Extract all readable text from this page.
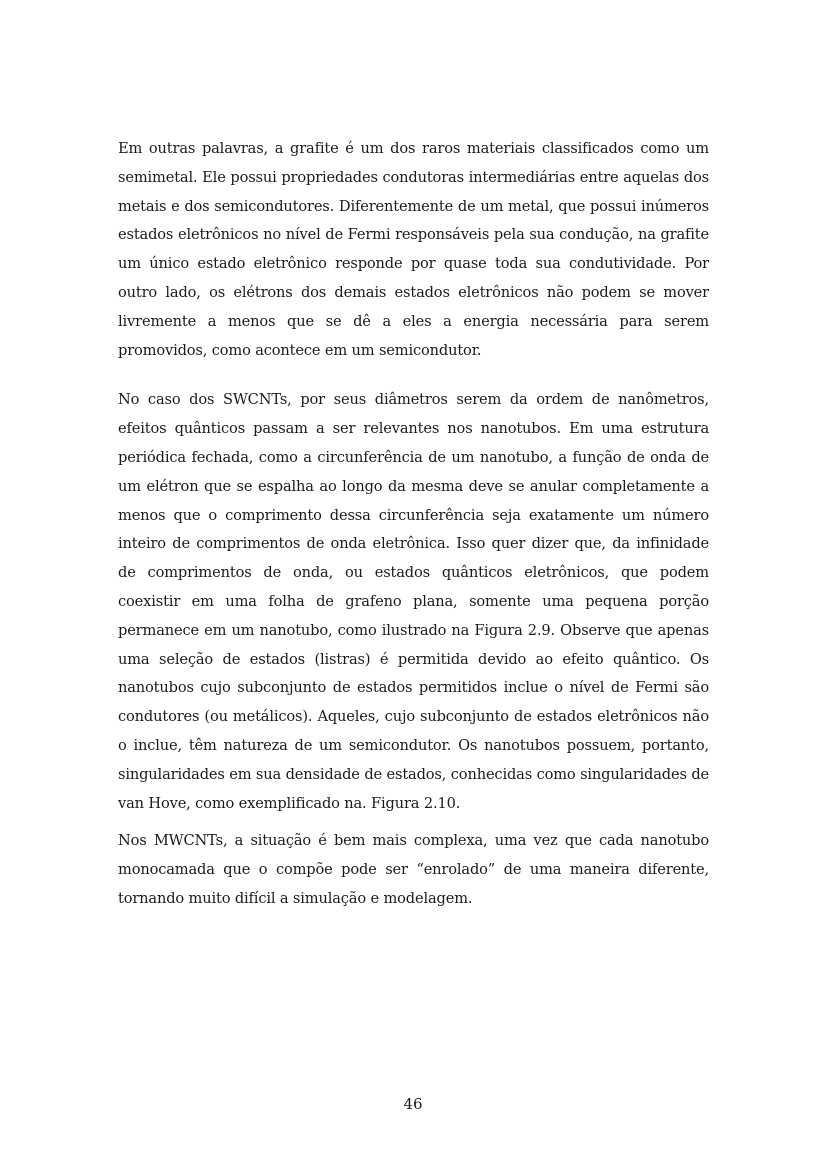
Em outras palavras, a grafite é um dos raros materiais classificados como um semimetal. Ele possui propriedades condutoras intermediárias entre aquelas dos metais e dos semicondutores. Diferentemente de um metal, que possui inúmeros estados eletrônicos no nível de Fermi responsáveis pela sua condução, na grafite um único estado eletrônico responde por quase toda sua condutividade. Por outro lado, os elétrons dos demais estados eletrônicos não podem se mover livremente a menos que se dê a eles a energia necessária para serem promovidos, como acontece em um semicondutor.

No caso dos SWCNTs, por seus diâmetros serem da ordem de nanômetros, efeitos quânticos passam a ser relevantes nos nanotubos. Em uma estrutura periódica fechada, como a circunferência de um nanotubo, a função de onda de um elétron que se espalha ao longo da mesma deve se anular completamente a menos que o comprimento dessa circunferência seja exatamente um número inteiro de comprimentos de onda eletrônica. Isso quer dizer que, da infinidade de comprimentos de onda, ou estados quânticos eletrônicos, que podem coexistir em uma folha de grafeno plana, somente uma pequena porção permanece em um nanotubo, como ilustrado na Figura 2.9. Observe que apenas uma seleção de estados (listras) é permitida devido ao efeito quântico. Os nanotubos cujo subconjunto de estados permitidos inclue o nível de Fermi são condutores (ou metálicos). Aqueles, cujo subconjunto de estados eletrônicos não o inclue, têm natureza de um semicondutor. Os nanotubos possuem, portanto, singularidades em sua densidade de estados, conhecidas como singularidades de van Hove, como exemplificado na. Figura 2.10.

Nos MWCNTs, a situação é bem mais complexa, uma vez que cada nanotubo monocamada que o compõe pode ser “enrolado” de uma maneira diferente, tornando muito difícil a simulação e modelagem.

46
